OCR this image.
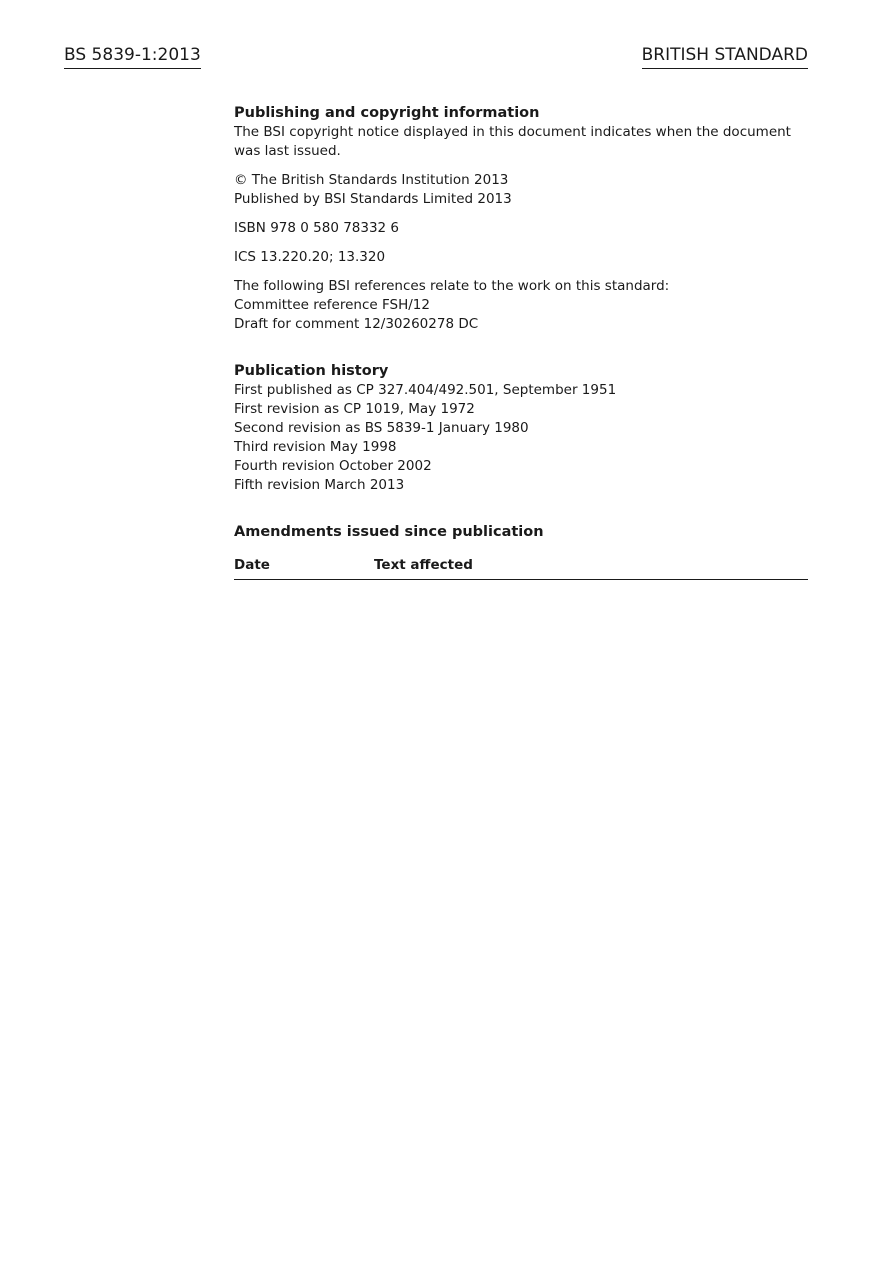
BS 5839-1:2013	BRITISH STANDARD

Publishing and copyright information

The BSI copyright notice displayed in this document indicates when the document
was last issued.

© The British Standards Institution 2013
Published by BSI Standards Limited 2013

ISBN 978 0 580 78332 6

ICS 13.220.20; 13.320

The following BSI references relate to the work on this standard:
Committee reference FSH/12
Draft for comment 12/30260278 DC

Publication history

First published as CP 327.404/492.501, September 1951
First revision as CP 1019, May 1972
Second revision as BS 5839-1 January 1980
Third revision May 1998
Fourth revision October 2002
Fifth revision March 2013

Amendments issued since publication

Date	Text affected
